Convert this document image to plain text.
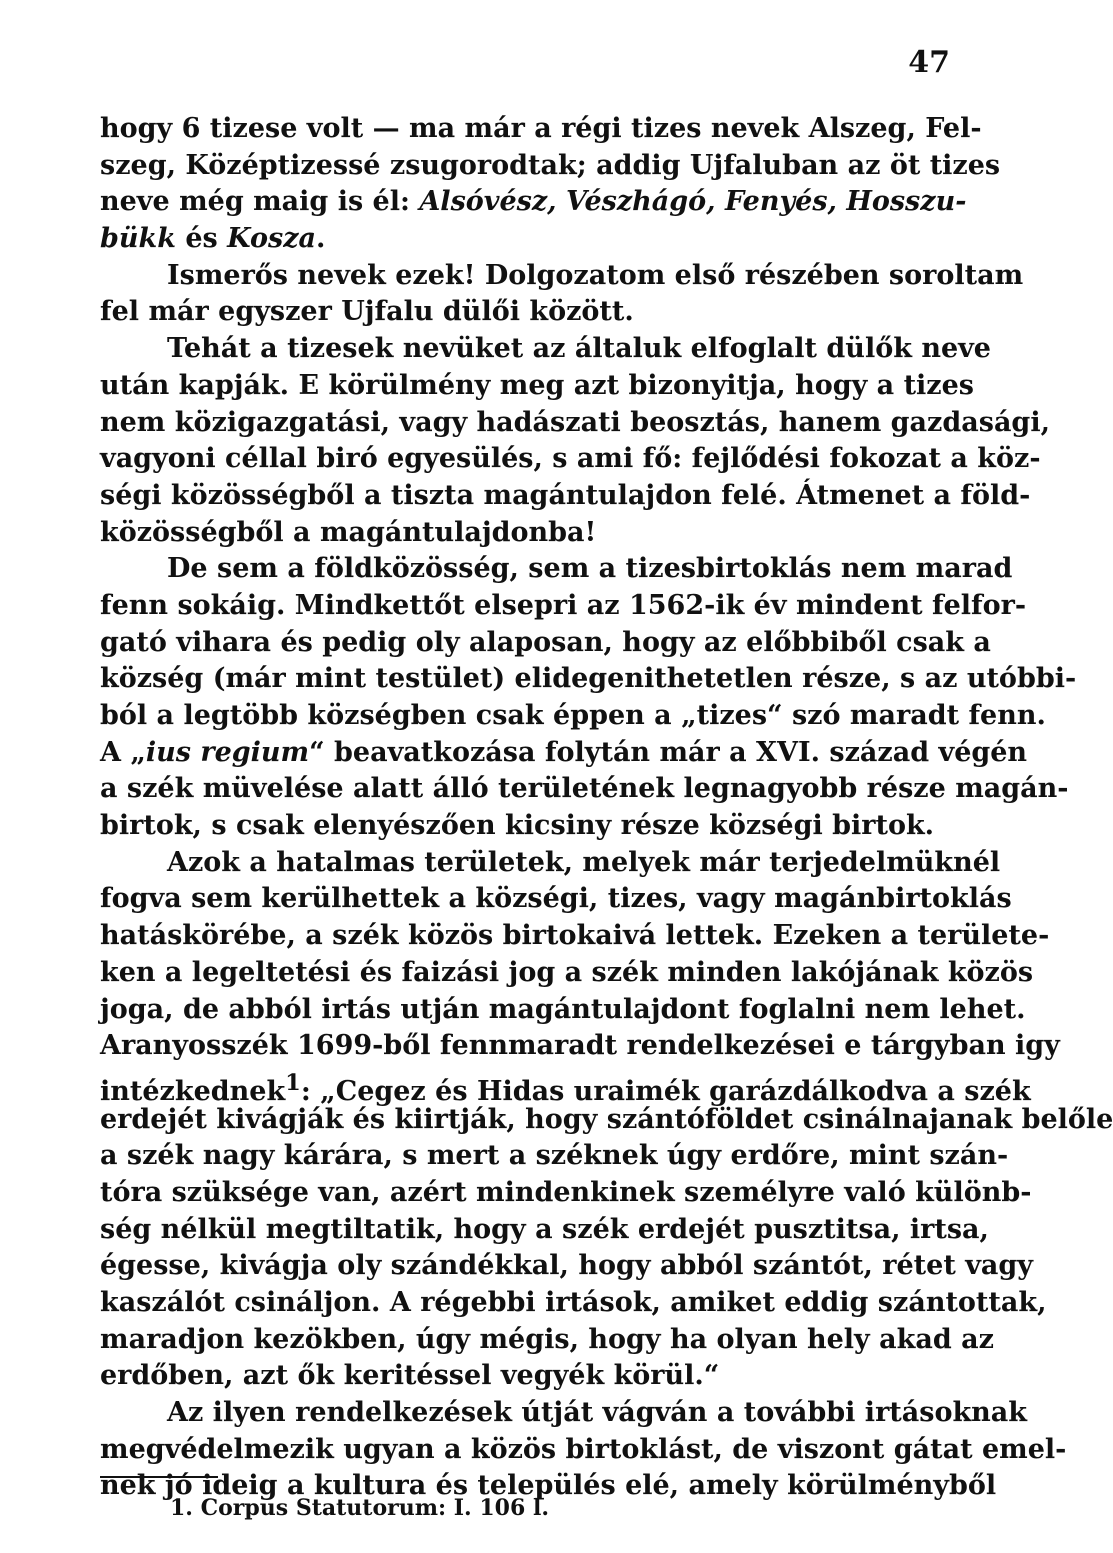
47
hogy 6 tizese volt — ma már a régi tizes nevek Alszeg, Fel-
szeg, Középtizessé zsugorodtak; addig Ujfaluban az öt tizes
neve még maig is él: Alsóvész, Vészhágó, Fenyés, Hosszu-
bükk és Kosza.
Ismerős nevek ezek! Dolgozatom első részében soroltam
fel már egyszer Ujfalu dülői között.
Tehát a tizesek nevüket az általuk elfoglalt dülők neve
után kapják. E körülmény meg azt bizonyitja, hogy a tizes
nem közigazgatási, vagy hadászati beosztás, hanem gazdasági,
vagyoni céllal biró egyesülés, s ami fő: fejlődési fokozat a köz-
ségi közösségből a tiszta magántulajdon felé. Átmenet a föld-
közösségből a magántulajdonba!
De sem a földközösség, sem a tizesbirtoklás nem marad
fenn sokáig. Mindkettőt elsepri az 1562-ik év mindent felfor-
gató vihara és pedig oly alaposan, hogy az előbbiből csak a
község (már mint testület) elidegenithetetlen része, s az utóbbi-
ból a legtöbb községben csak éppen a „tizes“ szó maradt fenn.
A „ius regium“ beavatkozása folytán már a XVI. század végén
a szék müvelése alatt álló területének legnagyobb része magán-
birtok, s csak elenyészően kicsiny része községi birtok.
Azok a hatalmas területek, melyek már terjedelmüknél
fogva sem kerülhettek a községi, tizes, vagy magánbirtoklás
hatáskörébe, a szék közös birtokaivá lettek. Ezeken a területe-
ken a legeltetési és faizási jog a szék minden lakójának közös
joga, de abból irtás utján magántulajdont foglalni nem lehet.
Aranyosszék 1699-ből fennmaradt rendelkezései e tárgyban igy
intézkednek$^1$: „Cegez és Hidas uraimék garázdálkodva a szék
erdejét kivágják és kiirtják, hogy szántóföldet csinálnajanak belőle
a szék nagy kárára, s mert a széknek úgy erdőre, mint szán-
tóra szüksége van, azért mindenkinek személyre való különb-
ség nélkül megtiltatik, hogy a szék erdejét pusztitsa, irtsa,
égesse, kivágja oly szándékkal, hogy abból szántót, rétet vagy
kaszálót csináljon. A régebbi irtások, amiket eddig szántottak,
maradjon kezökben, úgy mégis, hogy ha olyan hely akad az
erdőben, azt ők keritéssel vegyék körül.“
Az ilyen rendelkezések útját vágván a további irtásoknak
megvédelmezik ugyan a közös birtoklást, de viszont gátat emel-
nek jó ideig a kultura és település elé, amely körülményből
1. Corpus Statutorum: I. 106 l.
